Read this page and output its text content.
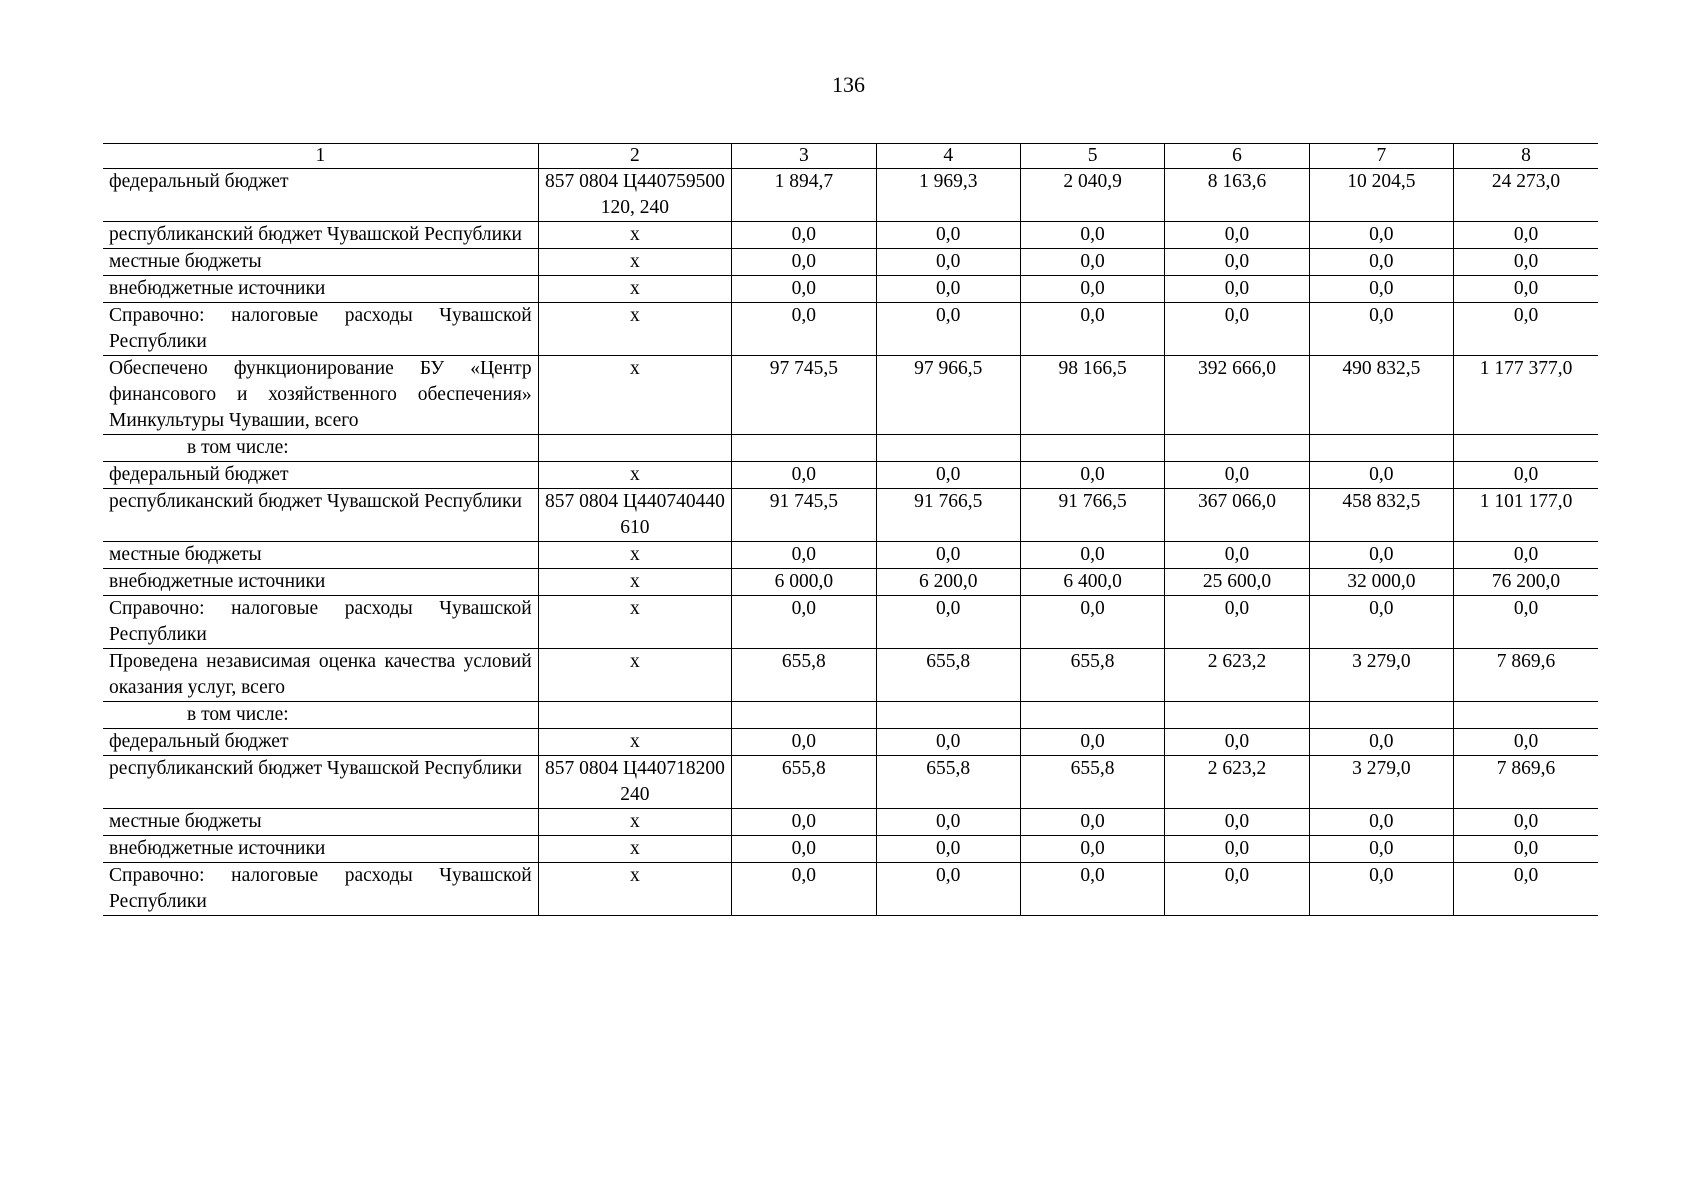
136
1	2	3	4	5	6	7	8
федеральный бюджет	857 0804 Ц440759500 120, 240	1 894,7	1 969,3	2 040,9	8 163,6	10 204,5	24 273,0
республиканский бюджет Чувашской Республики	x	0,0	0,0	0,0	0,0	0,0	0,0
местные бюджеты	x	0,0	0,0	0,0	0,0	0,0	0,0
внебюджетные источники	x	0,0	0,0	0,0	0,0	0,0	0,0
Справочно: налоговые расходы Чувашской Республики	x	0,0	0,0	0,0	0,0	0,0	0,0
Обеспечено функционирование БУ «Центр финансового и хозяйственного обеспечения» Минкультуры Чувашии, всего	x	97 745,5	97 966,5	98 166,5	392 666,0	490 832,5	1 177 377,0
в том числе:							
федеральный бюджет	x	0,0	0,0	0,0	0,0	0,0	0,0
республиканский бюджет Чувашской Республики	857 0804 Ц440740440 610	91 745,5	91 766,5	91 766,5	367 066,0	458 832,5	1 101 177,0
местные бюджеты	x	0,0	0,0	0,0	0,0	0,0	0,0
внебюджетные источники	x	6 000,0	6 200,0	6 400,0	25 600,0	32 000,0	76 200,0
Справочно: налоговые расходы Чувашской Республики	x	0,0	0,0	0,0	0,0	0,0	0,0
Проведена независимая оценка качества условий оказания услуг, всего	x	655,8	655,8	655,8	2 623,2	3 279,0	7 869,6
в том числе:							
федеральный бюджет	x	0,0	0,0	0,0	0,0	0,0	0,0
республиканский бюджет Чувашской Республики	857 0804 Ц440718200 240	655,8	655,8	655,8	2 623,2	3 279,0	7 869,6
местные бюджеты	x	0,0	0,0	0,0	0,0	0,0	0,0
внебюджетные источники	x	0,0	0,0	0,0	0,0	0,0	0,0
Справочно: налоговые расходы Чувашской Республики	x	0,0	0,0	0,0	0,0	0,0	0,0
